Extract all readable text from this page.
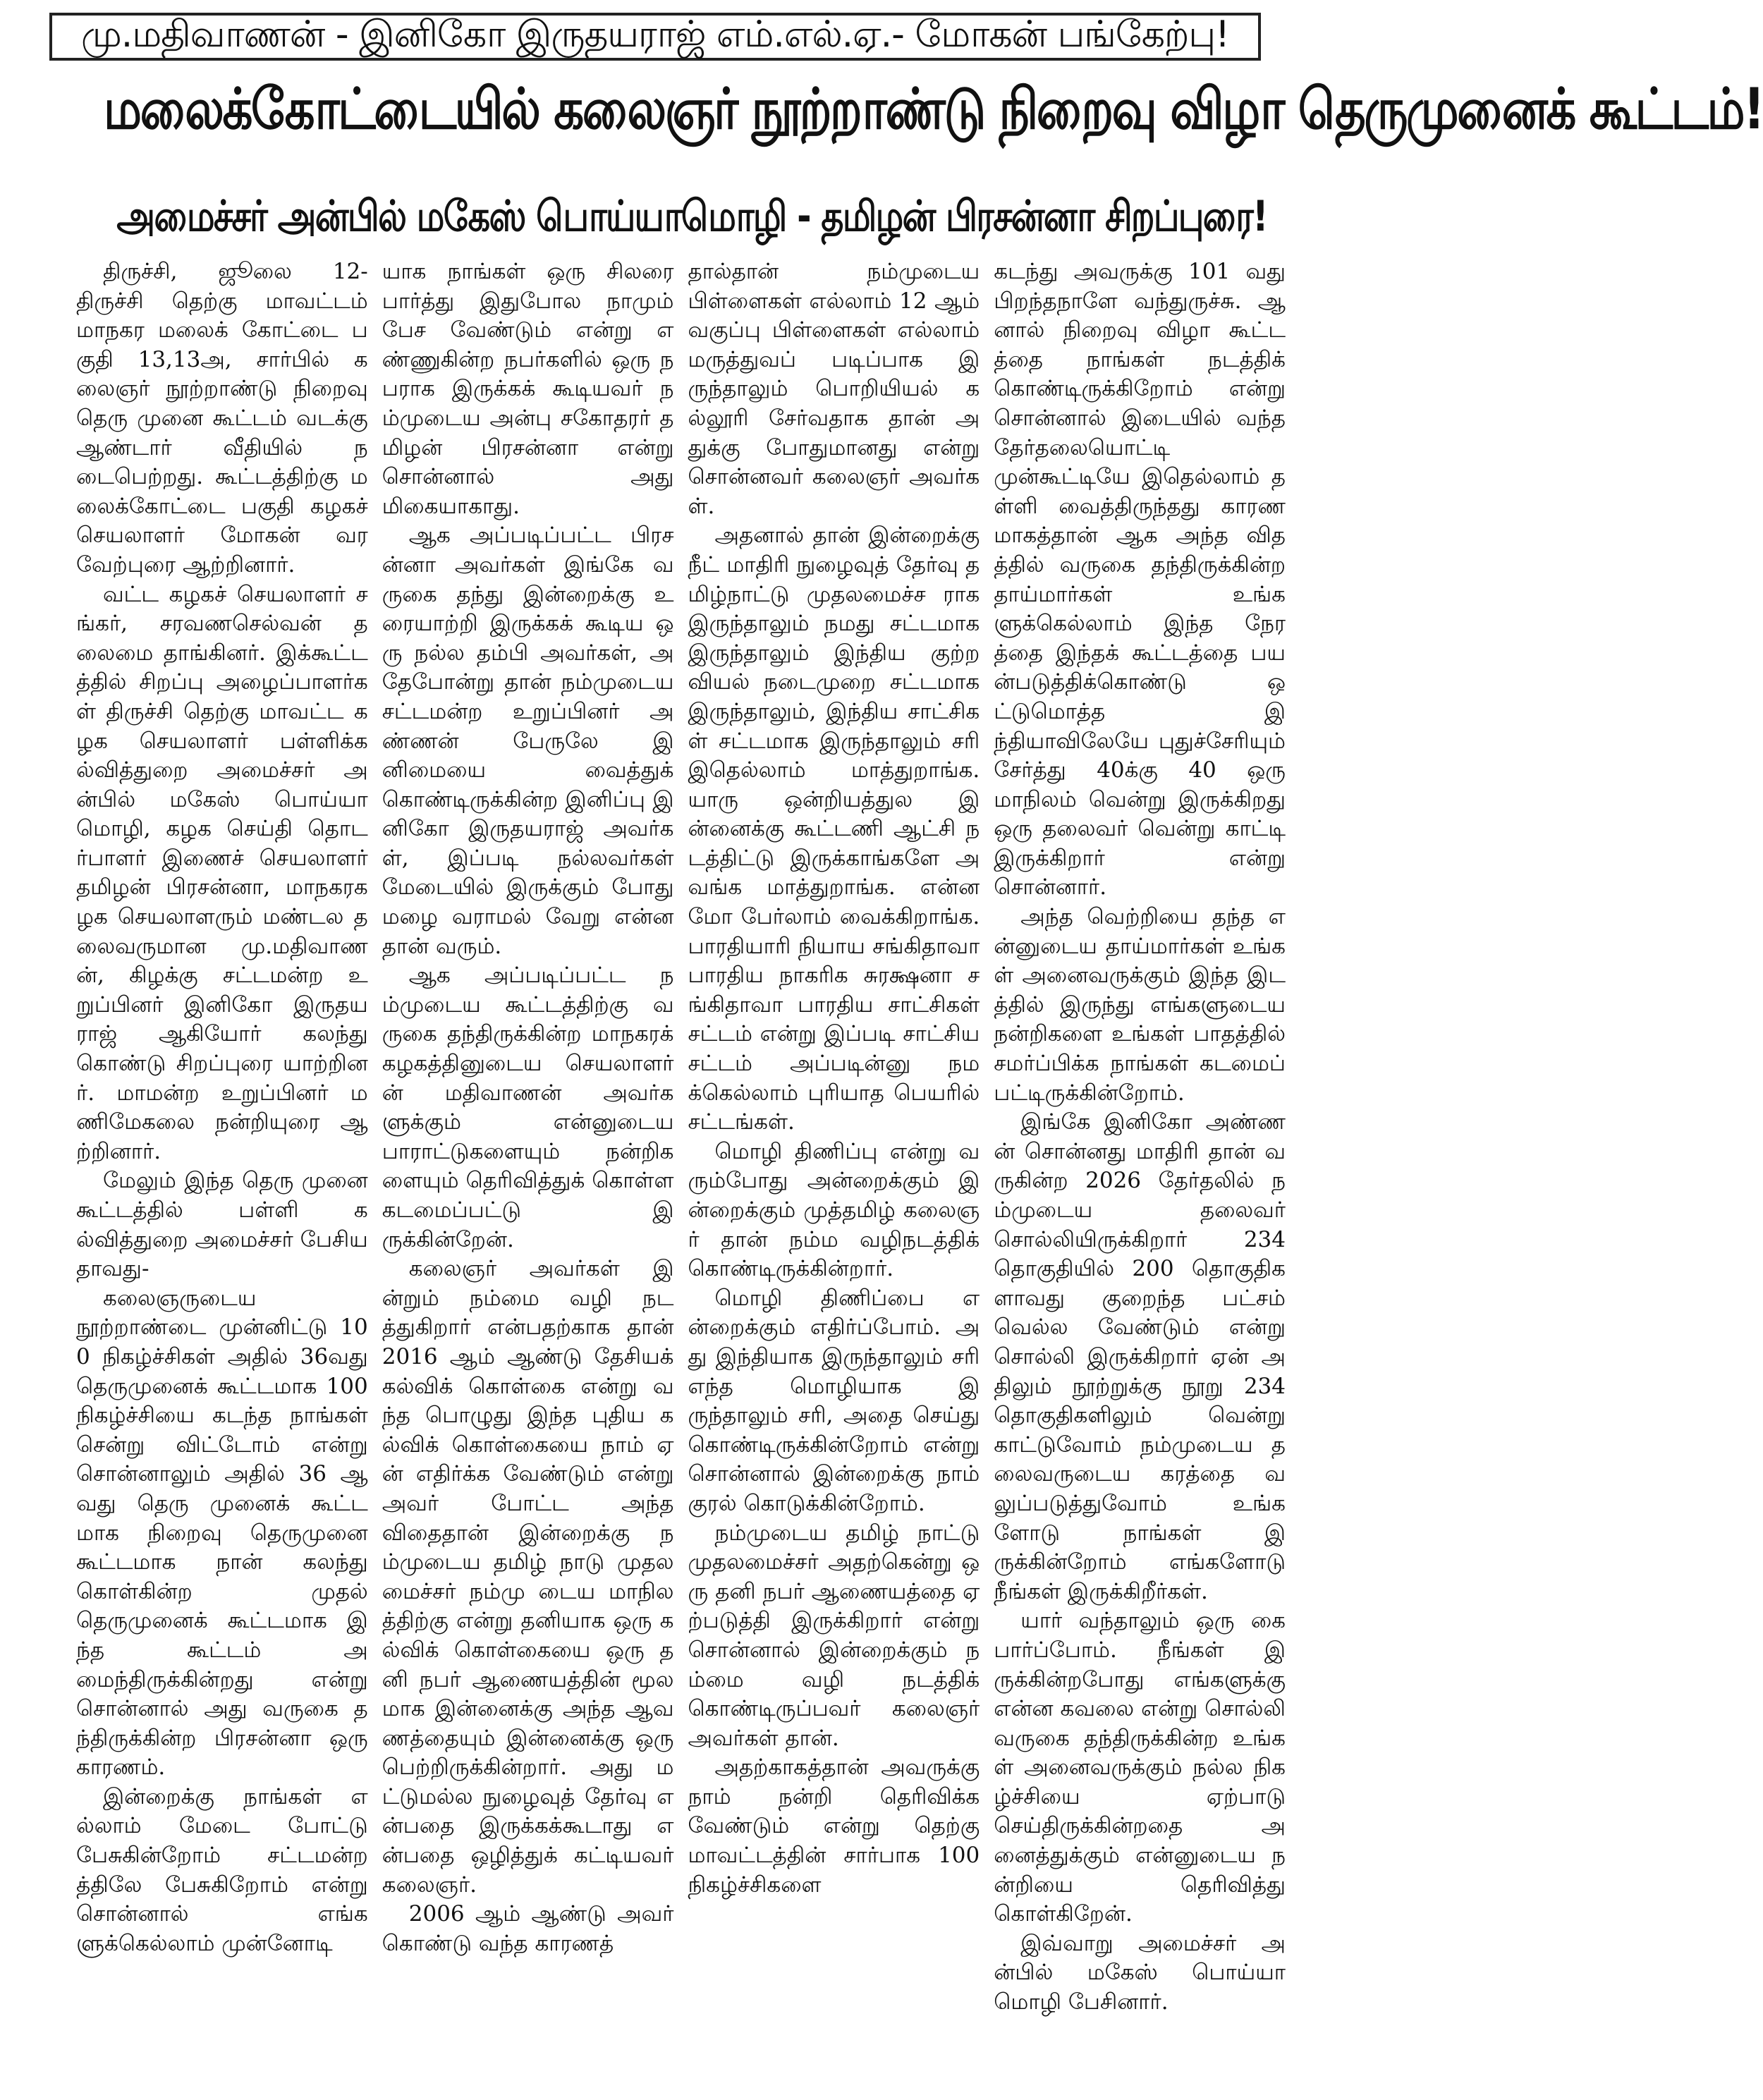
மு.மதிவாணன் - இனிகோ இருதயராஜ் எம்.எல்.ஏ.- மோகன் பங்கேற்பு!
மலைக்கோட்டையில் கலைஞர் நூற்றாண்டு நிறைவு விழா தெருமுனைக் கூட்டம்!
அமைச்சர் அன்பில் மகேஸ் பொய்யாமொழி - தமிழன் பிரசன்னா சிறப்புரை!

திருச்சி, ஜூலை 12- திருச்சி தெற்கு மாவட்டம் மாநகர மலைக் கோட்டை பகுதி 13,13அ, சார்பில் கலைஞர் நூற்றாண்டு நிறைவு தெரு முனை கூட்டம் வடக்கு ஆண்டார் வீதியில் நடைபெற்றது. கூட்டத்திற்கு மலைக்கோட்டை பகுதி கழகச் செயலாளர் மோகன் வரவேற்புரை ஆற்றினார்.

வட்ட கழகச் செயலாளர் சங்கர், சரவணசெல்வன் தலைமை தாங்கினர். இக்கூட்டத்தில் சிறப்பு அழைப்பாளர்கள் திருச்சி தெற்கு மாவட்ட கழக செயலாளர் பள்ளிக்கல்வித்துறை அமைச்சர் அன்பில் மகேஸ் பொய்யா மொழி, கழக செய்தி தொடர்பாளர் இணைச் செயலாளர் தமிழன் பிரசன்னா, மாநகரகழக செயலாளரும் மண்டல தலைவருமான மு.மதிவாணன், கிழக்கு சட்டமன்ற உறுப்பினர் இனிகோ இருதயராஜ் ஆகியோர் கலந்து கொண்டு சிறப்புரை யாற்றினர். மாமன்ற உறுப்பினர் மணிமேகலை நன்றியுரை ஆற்றினார்.

மேலும் இந்த தெரு முனை கூட்டத்தில் பள்ளி கல்வித்துறை அமைச்சர் பேசியதாவது-

கலைஞருடைய நூற்றாண்டை முன்னிட்டு 100 நிகழ்ச்சிகள் அதில் 36வது தெருமுனைக் கூட்டமாக 100 நிகழ்ச்சியை கடந்த நாங்கள் சென்று விட்டோம் என்று சொன்னாலும் அதில் 36 ஆவது தெரு முனைக் கூட்டமாக நிறைவு தெருமுனை கூட்டமாக நான் கலந்து கொள்கின்ற முதல் தெருமுனைக் கூட்டமாக இந்த கூட்டம் அமைந்திருக்கின்றது என்று சொன்னால் அது வருகை தந்திருக்கின்ற பிரசன்னா ஒரு காரணம்.

இன்றைக்கு நாங்கள் எல்லாம் மேடை போட்டு பேசுகின்றோம் சட்டமன்றத்திலே பேசுகிறோம் என்று சொன்னால் எங்களுக்கெல்லாம் முன்னோடி

யாக நாங்கள் ஒரு சிலரை பார்த்து இதுபோல நாமும் பேச வேண்டும் என்று எண்ணுகின்ற நபர்களில் ஒரு நபராக இருக்கக் கூடியவர் நம்முடைய அன்பு சகோதரர் தமிழன் பிரசன்னா என்று சொன்னால் அது மிகையாகாது.

ஆக அப்படிப்பட்ட பிரசன்னா அவர்கள் இங்கே வருகை தந்து இன்றைக்கு உரையாற்றி இருக்கக் கூடிய ஒரு நல்ல தம்பி அவர்கள், அதேபோன்று தான் நம்முடைய சட்டமன்ற உறுப்பினர் அண்ணன் பேருலே இனிமையை வைத்துக் கொண்டிருக்கின்ற இனிப்பு இனிகோ இருதயராஜ் அவர்கள், இப்படி நல்லவர்கள் மேடையில் இருக்கும் போது மழை வராமல் வேறு என்னதான் வரும்.

ஆக அப்படிப்பட்ட நம்முடைய கூட்டத்திற்கு வருகை தந்திருக்கின்ற மாநகரக் கழகத்தினுடைய செயலாளர் ன் மதிவாணன் அவர்களுக்கும் என்னுடைய பாராட்டுகளையும் நன்றிகளையும் தெரிவித்துக் கொள்ள கடமைப்பட்டு இருக்கின்றேன்.

கலைஞர் அவர்கள் இன்றும் நம்மை வழி நடத்துகிறார் என்பதற்காக தான் 2016 ஆம் ஆண்டு தேசியக் கல்விக் கொள்கை என்று வந்த பொழுது இந்த புதிய கல்விக் கொள்கையை நாம் ஏன் எதிர்க்க வேண்டும் என்று அவர் போட்ட அந்த விதைதான் இன்றைக்கு நம்முடைய தமிழ் நாடு முதலமைச்சர் நம்மு டைய மாநிலத்திற்கு என்று தனியாக ஒரு கல்விக் கொள்கையை ஒரு தனி நபர் ஆணையத்தின் மூலமாக இன்னைக்கு அந்த ஆவணத்தையும் இன்னைக்கு ஒரு பெற்றிருக்கின்றார். அது மட்டுமல்ல நுழைவுத் தேர்வு என்பதை இருக்கக்கூடாது என்பதை ஒழித்துக் கட்டியவர் கலைஞர்.

2006 ஆம் ஆண்டு அவர் கொண்டு வந்த காரணத்

தால்தான் நம்முடைய பிள்ளைகள் எல்லாம் 12 ஆம் வகுப்பு பிள்ளைகள் எல்லாம் மருத்துவப் படிப்பாக இருந்தாலும் பொறியியல் கல்லூரி சேர்வதாக தான் அதுக்கு போதுமானது என்று சொன்னவர் கலைஞர் அவர்கள்.

அதனால் தான் இன்றைக்கு நீட் மாதிரி நுழைவுத் தேர்வு தமிழ்நாட்டு முதலமைச்ச ராக இருந்தாலும் நமது சட்டமாக இருந்தாலும் இந்திய குற்றவியல் நடைமுறை சட்டமாக இருந்தாலும், இந்திய சாட்சிகள் சட்டமாக இருந்தாலும் சரி இதெல்லாம் மாத்துறாங்க. யாரு ஒன்றியத்துல இன்னைக்கு கூட்டணி ஆட்சி நடத்திட்டு இருக்காங்களே அவங்க மாத்துறாங்க. என்னமோ பேர்லாம் வைக்கிறாங்க. பாரதியாரி நியாய சங்கிதாவா பாரதிய நாகரிக சுரக்ஷனா சங்கிதாவா பாரதிய சாட்சிகள் சட்டம் என்று இப்படி சாட்சிய சட்டம் அப்படின்னு நமக்கெல்லாம் புரியாத பெயரில் சட்டங்கள்.

மொழி திணிப்பு என்று வரும்போது அன்றைக்கும் இன்றைக்கும் முத்தமிழ் கலைஞர் தான் நம்ம வழிநடத்திக் கொண்டிருக்கின்றார்.

மொழி திணிப்பை என்றைக்கும் எதிர்ப்போம். அது இந்தியாக இருந்தாலும் சரி எந்த மொழியாக இருந்தாலும் சரி, அதை செய்து கொண்டிருக்கின்றோம் என்று சொன்னால் இன்றைக்கு நாம் குரல் கொடுக்கின்றோம்.

நம்முடைய தமிழ் நாட்டு முதலமைச்சர் அதற்கென்று ஒரு தனி நபர் ஆணையத்தை ஏற்படுத்தி இருக்கிறார் என்று சொன்னால் இன்றைக்கும் நம்மை வழி நடத்திக் கொண்டிருப்பவர் கலைஞர் அவர்கள் தான்.

அதற்காகத்தான் அவருக்கு நாம் நன்றி தெரிவிக்க வேண்டும் என்று தெற்கு மாவட்டத்தின் சார்பாக 100 நிகழ்ச்சிகளை

கடந்து அவருக்கு 101 வது பிறந்தநாளே வந்துருச்சு. ஆனால் நிறைவு விழா கூட்டத்தை நாங்கள் நடத்திக் கொண்டிருக்கிறோம் என்று சொன்னால் இடையில் வந்த தேர்தலையொட்டி முன்கூட்டியே இதெல்லாம் தள்ளி வைத்திருந்தது காரணமாகத்தான் ஆக அந்த விதத்தில் வருகை தந்திருக்கின்ற தாய்மார்கள் உங்களுக்கெல்லாம் இந்த நேரத்தை இந்தக் கூட்டத்தை பயன்படுத்திக்கொண்டு ஒட்டுமொத்த இந்தியாவிலேயே புதுச்சேரியும் சேர்த்து 40க்கு 40 ஒரு மாநிலம் வென்று இருக்கிறது ஒரு தலைவர் வென்று காட்டி இருக்கிறார் என்று சொன்னார்.

அந்த வெற்றியை தந்த என்னுடைய தாய்மார்கள் உங்கள் அனைவருக்கும் இந்த இடத்தில் இருந்து எங்களுடைய நன்றிகளை உங்கள் பாதத்தில் சமர்ப்பிக்க நாங்கள் கடமைப் பட்டிருக்கின்றோம்.

இங்கே இனிகோ அண்ணன் சொன்னது மாதிரி தான் வருகின்ற 2026 தேர்தலில் நம்முடைய தலைவர் சொல்லியிருக்கிறார் 234 தொகுதியில் 200 தொகுதிகளாவது குறைந்த பட்சம் வெல்ல வேண்டும் என்று சொல்லி இருக்கிறார் ஏன் அதிலும் நூற்றுக்கு நூறு 234 தொகுதிகளிலும் வென்று காட்டுவோம் நம்முடைய தலைவருடைய கரத்தை வலுப்படுத்துவோம் உங்களோடு நாங்கள் இருக்கின்றோம் எங்களோடு நீங்கள் இருக்கிறீர்கள்.

யார் வந்தாலும் ஒரு கை பார்ப்போம். நீங்கள் இருக்கின்றபோது எங்களுக்கு என்ன கவலை என்று சொல்லி வருகை தந்திருக்கின்ற உங்கள் அனைவருக்கும் நல்ல நிகழ்ச்சியை ஏற்பாடு செய்திருக்கின்றதை அனைத்துக்கும் என்னுடைய நன்றியை தெரிவித்து கொள்கிறேன்.

இவ்வாறு அமைச்சர் அன்பில் மகேஸ் பொய்யா மொழி பேசினார்.
